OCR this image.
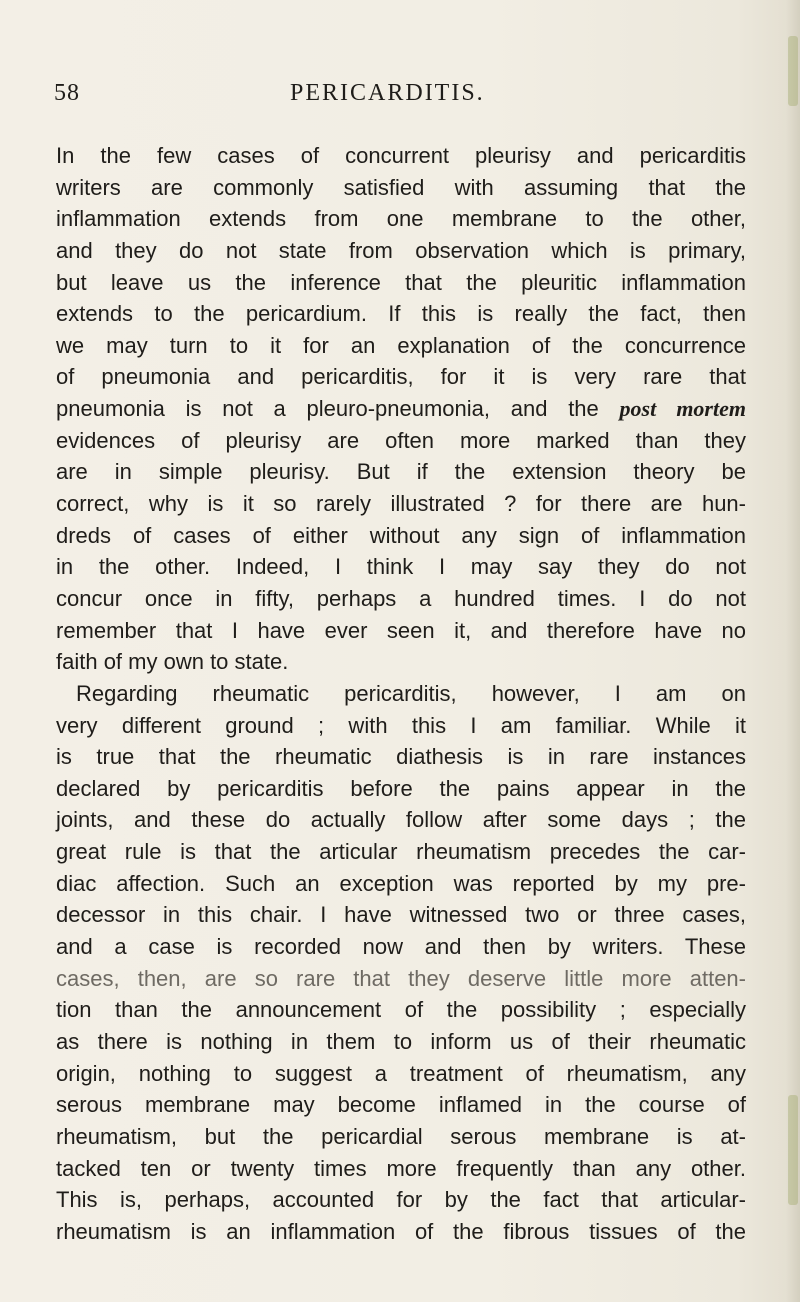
58	PERICARDITIS.
In the few cases of concurrent pleurisy and pericarditis
writers are commonly satisfied with assuming that the
inflammation extends from one membrane to the other,
and they do not state from observation which is primary,
but leave us the inference that the pleuritic inflammation
extends to the pericardium. If this is really the fact, then
we may turn to it for an explanation of the concurrence
of pneumonia and pericarditis, for it is very rare that
pneumonia is not a pleuro-pneumonia, and the post mortem
evidences of pleurisy are often more marked than they
are in simple pleurisy. But if the extension theory be
correct, why is it so rarely illustrated ? for there are hun-
dreds of cases of either without any sign of inflammation
in the other. Indeed, I think I may say they do not
concur once in fifty, perhaps a hundred times. I do not
remember that I have ever seen it, and therefore have no
faith of my own to state.
Regarding rheumatic pericarditis, however, I am on
very different ground ; with this I am familiar. While it
is true that the rheumatic diathesis is in rare instances
declared by pericarditis before the pains appear in the
joints, and these do actually follow after some days ; the
great rule is that the articular rheumatism precedes the car-
diac affection. Such an exception was reported by my pre-
decessor in this chair. I have witnessed two or three cases,
and a case is recorded now and then by writers. These
cases, then, are so rare that they deserve little more atten-
tion than the announcement of the possibility ; especially
as there is nothing in them to inform us of their rheumatic
origin, nothing to suggest a treatment of rheumatism, any
serous membrane may become inflamed in the course of
rheumatism, but the pericardial serous membrane is at-
tacked ten or twenty times more frequently than any other.
This is, perhaps, accounted for by the fact that articular-
rheumatism is an inflammation of the fibrous tissues of the
